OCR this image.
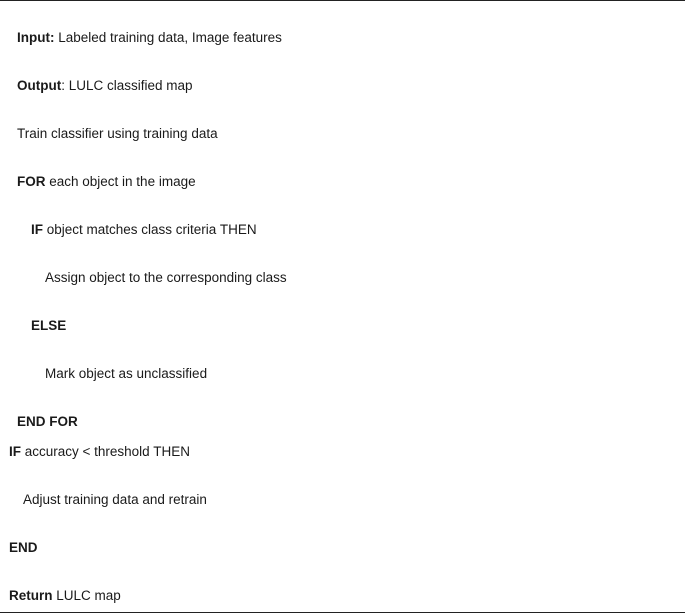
Input: Labeled training data, Image features
Output: LULC classified map
Train classifier using training data
FOR each object in the image
IF object matches class criteria THEN
Assign object to the corresponding class
ELSE
Mark object as unclassified
END FOR
IF accuracy < threshold THEN
Adjust training data and retrain
END
Return LULC map
